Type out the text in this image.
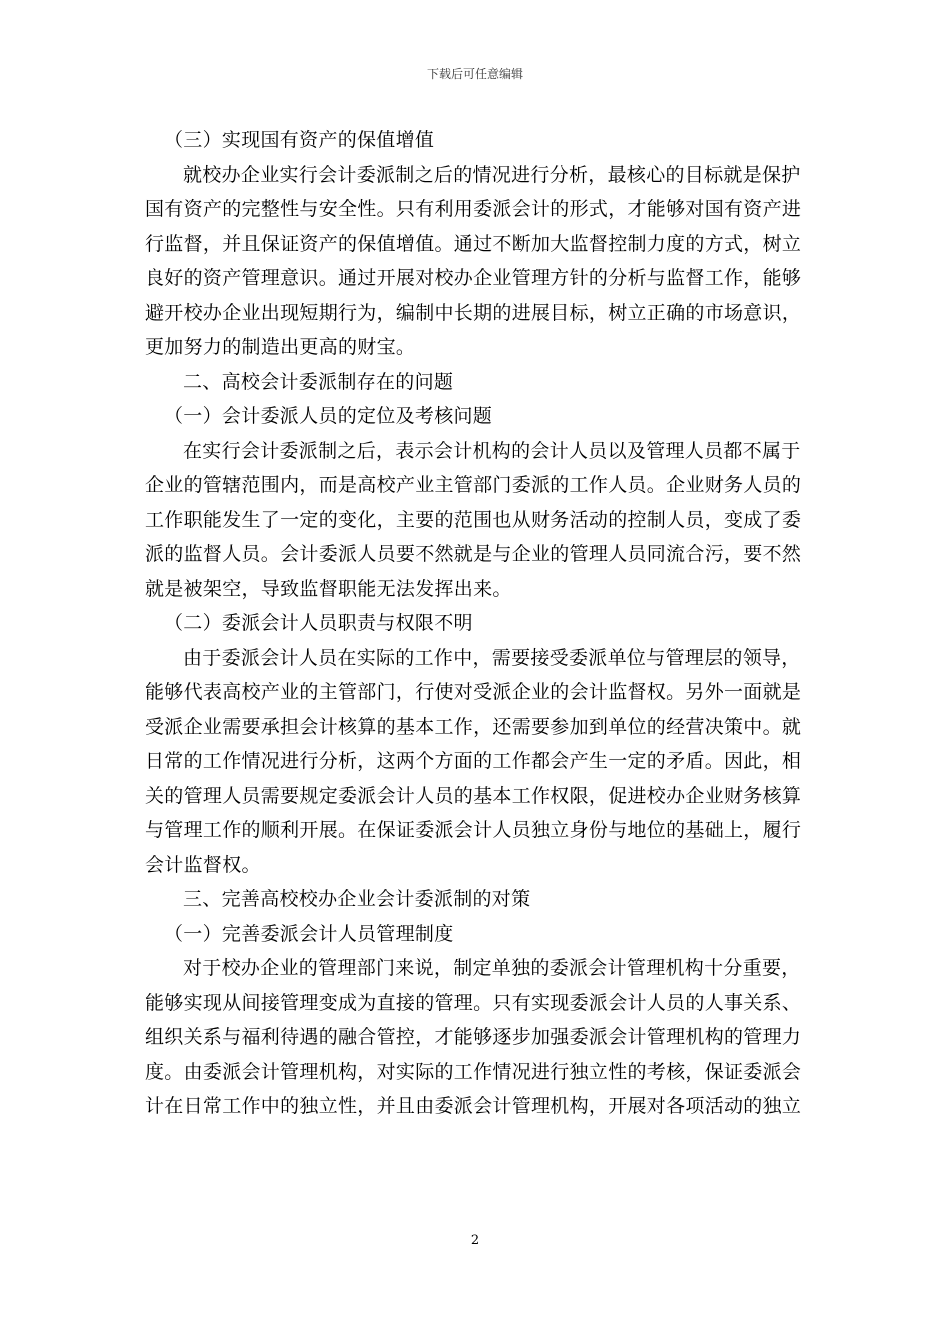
下载后可任意编辑
（三）实现国有资产的保值增值
就校办企业实行会计委派制之后的情况进行分析，最核心的目标就是保护
国有资产的完整性与安全性。只有利用委派会计的形式，才能够对国有资产进
行监督，并且保证资产的保值增值。通过不断加大监督控制力度的方式，树立
良好的资产管理意识。通过开展对校办企业管理方针的分析与监督工作，能够
避开校办企业出现短期行为，编制中长期的进展目标，树立正确的市场意识，
更加努力的制造出更高的财宝。
二、高校会计委派制存在的问题
（一）会计委派人员的定位及考核问题
在实行会计委派制之后，表示会计机构的会计人员以及管理人员都不属于
企业的管辖范围内，而是高校产业主管部门委派的工作人员。企业财务人员的
工作职能发生了一定的变化，主要的范围也从财务活动的控制人员，变成了委
派的监督人员。会计委派人员要不然就是与企业的管理人员同流合污，要不然
就是被架空，导致监督职能无法发挥出来。
（二）委派会计人员职责与权限不明
由于委派会计人员在实际的工作中，需要接受委派单位与管理层的领导，
能够代表高校产业的主管部门，行使对受派企业的会计监督权。另外一面就是
受派企业需要承担会计核算的基本工作，还需要参加到单位的经营决策中。就
日常的工作情况进行分析，这两个方面的工作都会产生一定的矛盾。因此，相
关的管理人员需要规定委派会计人员的基本工作权限，促进校办企业财务核算
与管理工作的顺利开展。在保证委派会计人员独立身份与地位的基础上，履行
会计监督权。
三、完善高校校办企业会计委派制的对策
（一）完善委派会计人员管理制度
对于校办企业的管理部门来说，制定单独的委派会计管理机构十分重要，
能够实现从间接管理变成为直接的管理。只有实现委派会计人员的人事关系、
组织关系与福利待遇的融合管控，才能够逐步加强委派会计管理机构的管理力
度。由委派会计管理机构，对实际的工作情况进行独立性的考核，保证委派会
计在日常工作中的独立性，并且由委派会计管理机构，开展对各项活动的独立
2
